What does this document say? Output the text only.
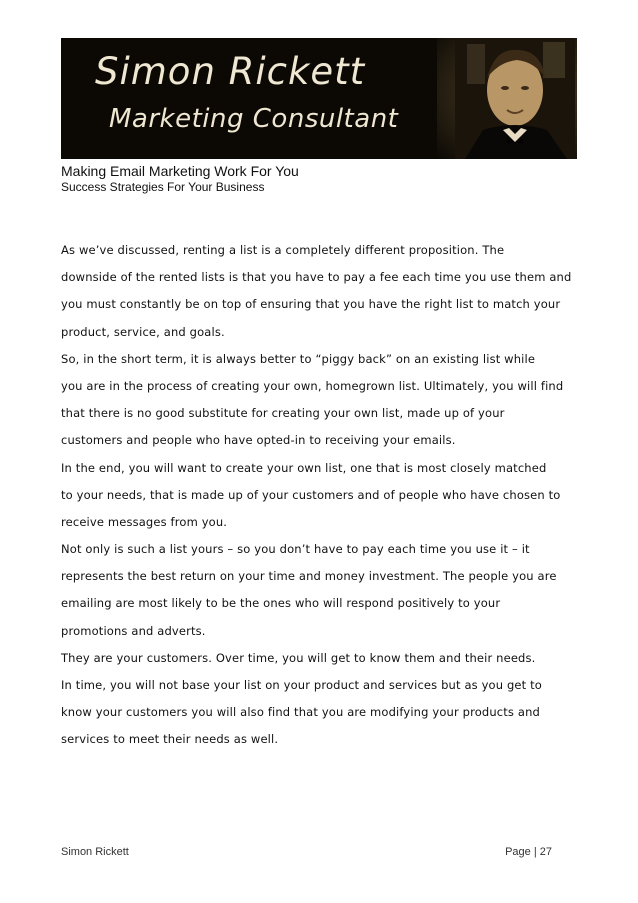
Simon Rickett
Marketing Consultant
Making Email Marketing Work For You
Success Strategies For Your Business
As we’ve discussed, renting a list is a completely different proposition. The
downside of the rented lists is that you have to pay a fee each time you use them and
you must constantly be on top of ensuring that you have the right list to match your
product, service, and goals.
So, in the short term, it is always better to “piggy back” on an existing list while
you are in the process of creating your own, homegrown list. Ultimately, you will find
that there is no good substitute for creating your own list, made up of your
customers and people who have opted-in to receiving your emails.
In the end, you will want to create your own list, one that is most closely matched
to your needs, that is made up of your customers and of people who have chosen to
receive messages from you.
Not only is such a list yours – so you don’t have to pay each time you use it – it
represents the best return on your time and money investment. The people you are
emailing are most likely to be the ones who will respond positively to your
promotions and adverts.
They are your customers. Over time, you will get to know them and their needs.
In time, you will not base your list on your product and services but as you get to
know your customers you will also find that you are modifying your products and
services to meet their needs as well.
Simon Rickett	Page | 27
